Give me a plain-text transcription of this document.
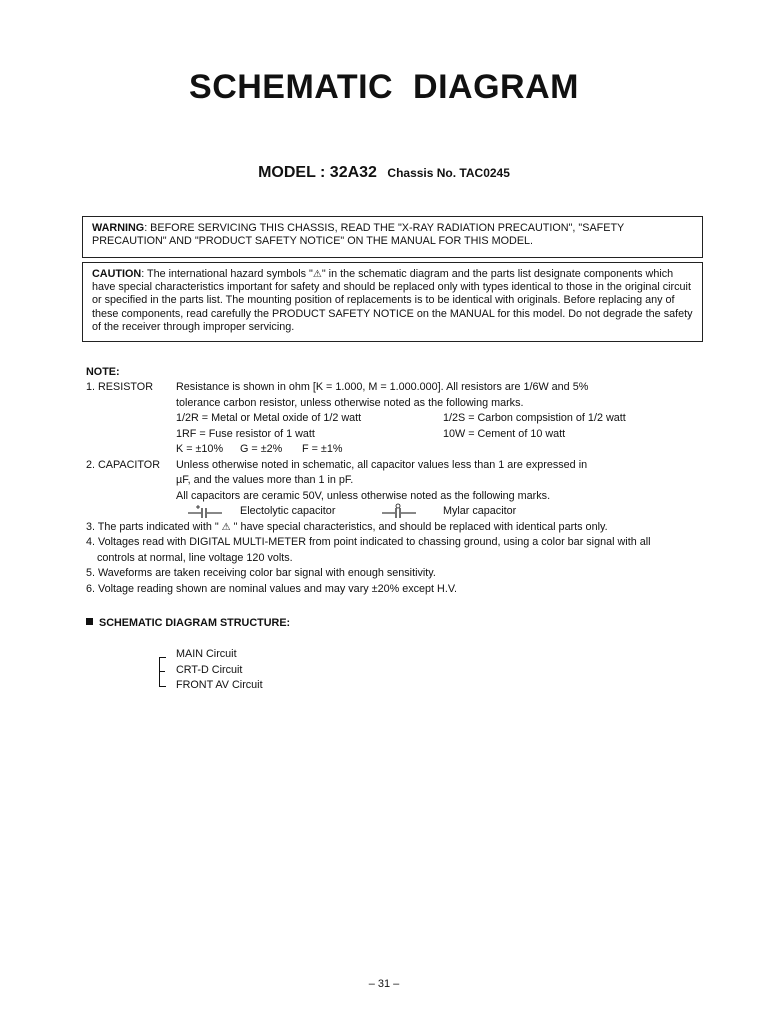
SCHEMATIC DIAGRAM
MODEL : 32A32 Chassis No. TAC0245
WARNING: BEFORE SERVICING THIS CHASSIS, READ THE "X-RAY RADIATION PRECAUTION", "SAFETY PRECAUTION" AND "PRODUCT SAFETY NOTICE" ON THE MANUAL FOR THIS MODEL.
CAUTION: The international hazard symbols "⚠" in the schematic diagram and the parts list designate components which have special characteristics important for safety and should be replaced only with types identical to those in the original circuit or specified in the parts list. The mounting position of replacements is to be identical with originals. Before replacing any of these components, read carefully the PRODUCT SAFETY NOTICE on the MANUAL for this model. Do not degrade the safety of the receiver through improper servicing.
NOTE:
1. RESISTOR Resistance is shown in ohm [K = 1.000, M = 1.000.000]. All resistors are 1/6W and 5%
tolerance carbon resistor, unless otherwise noted as the following marks.
1/2R = Metal or Metal oxide of 1/2 watt	1/2S = Carbon compsistion of 1/2 watt
1RF = Fuse resistor of 1 watt	10W = Cement of 10 watt
K = ±10% G = ±2% F = ±1%
2. CAPACITOR Unless otherwise noted in schematic, all capacitor values less than 1 are expressed in
µF, and the values more than 1 in pF.
All capacitors are ceramic 50V, unless otherwise noted as the following marks.
Electolytic capacitor	Mylar capacitor
3. The parts indicated with " ⚠ " have special characteristics, and should be replaced with identical parts only.
4. Voltages read with DIGITAL MULTI-METER from point indicated to chassing ground, using a color bar signal with all
controls at normal, line voltage 120 volts.
5. Waveforms are taken receiving color bar signal with enough sensitivity.
6. Voltage reading shown are nominal values and may vary ±20% except H.V.
SCHEMATIC DIAGRAM STRUCTURE:
MAIN Circuit
CRT-D Circuit
FRONT AV Circuit
– 31 –
